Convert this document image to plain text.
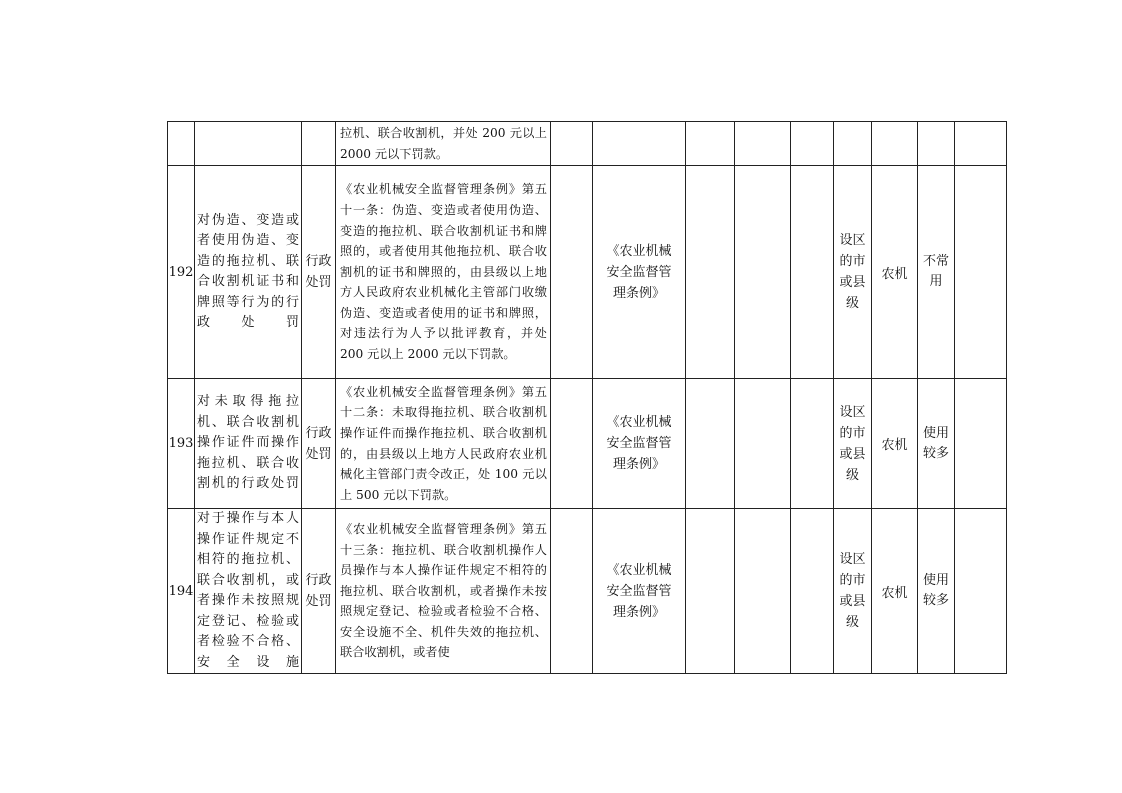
			拉机、联合收割机，并处 200 元以上 2000 元以下罚款。									
192	对伪造、变造或者使用伪造、变造的拖拉机、联合收割机证书和牌照等行为的行政处罚	行政处罚	《农业机械安全监督管理条例》第五十一条：伪造、变造或者使用伪造、变造的拖拉机、联合收割机证书和牌照的，或者使用其他拖拉机、联合收割机的证书和牌照的，由县级以上地方人民政府农业机械化主管部门收缴伪造、变造或者使用的证书和牌照，对违法行为人予以批评教育，并处 200 元以上 2000 元以下罚款。		《农业机械安全监督管理条例》				设区的市或县级	农机	不常用	

193	对未取得拖拉机、联合收割机操作证件而操作拖拉机、联合收割机的行政处罚	行政处罚	《农业机械安全监督管理条例》第五十二条：未取得拖拉机、联合收割机操作证件而操作拖拉机、联合收割机的，由县级以上地方人民政府农业机械化主管部门责令改正，处 100 元以上 500 元以下罚款。		《农业机械安全监督管理条例》				设区的市或县级	农机	使用较多	

194	对于操作与本人操作证件规定不相符的拖拉机、联合收割机，或者操作未按照规定登记、检验或者检验不合格、安全设施	行政处罚	《农业机械安全监督管理条例》第五十三条：拖拉机、联合收割机操作人员操作与本人操作证件规定不相符的拖拉机、联合收割机，或者操作未按照规定登记、检验或者检验不合格、安全设施不全、机件失效的拖拉机、联合收割机，或者使		《农业机械安全监督管理条例》				设区的市或县级	农机	使用较多	
